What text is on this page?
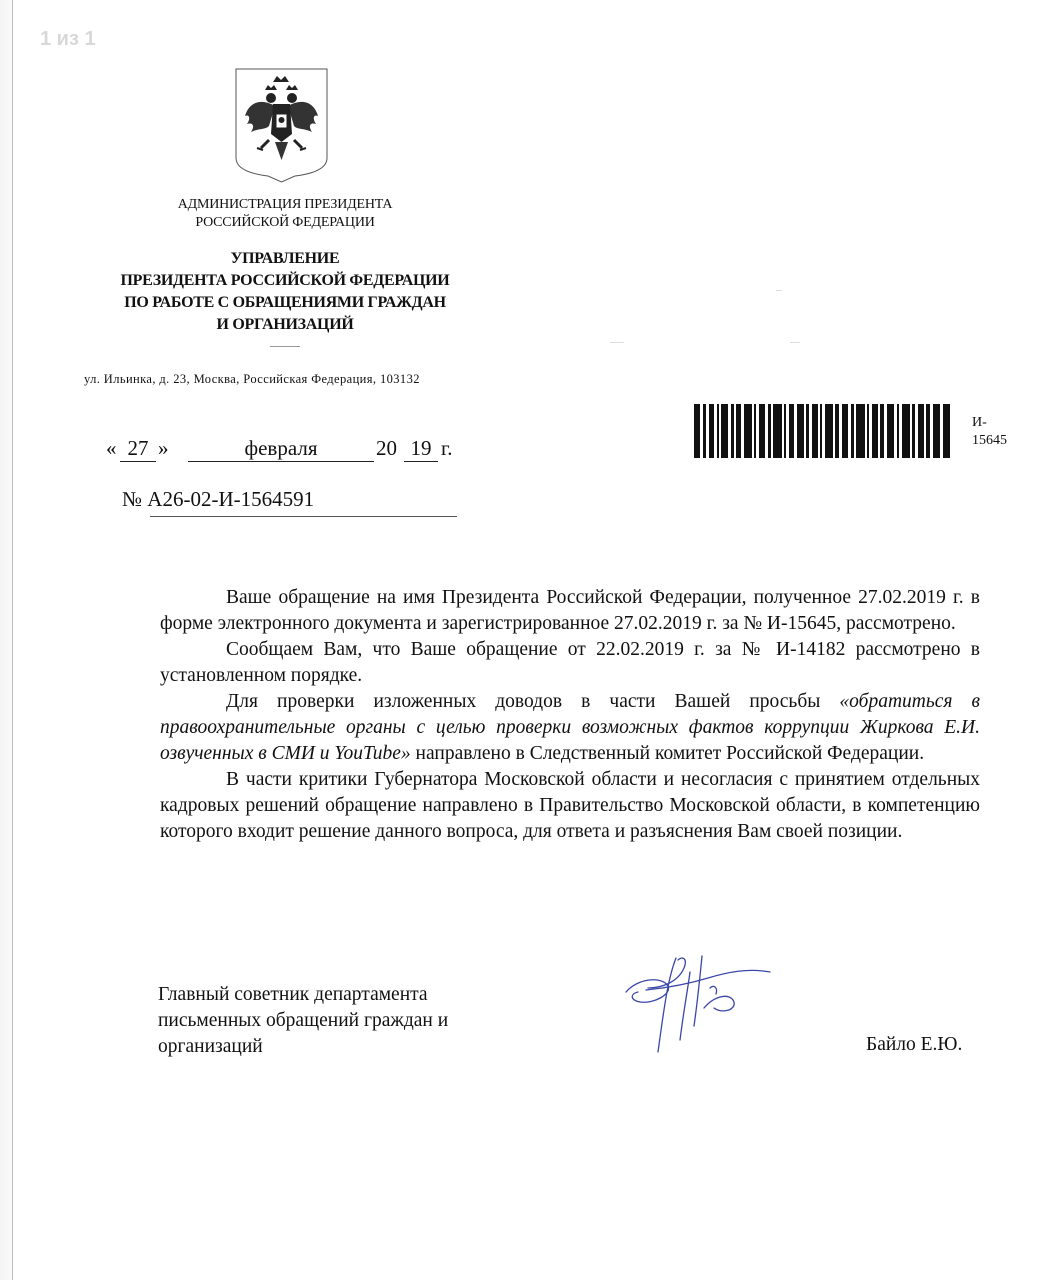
1 из 1
АДМИНИСТРАЦИЯ ПРЕЗИДЕНТА
РОССИЙСКОЙ ФЕДЕРАЦИИ
УПРАВЛЕНИЕ
ПРЕЗИДЕНТА РОССИЙСКОЙ ФЕДЕРАЦИИ
ПО РАБОТЕ С ОБРАЩЕНИЯМИ ГРАЖДАН
И ОРГАНИЗАЦИЙ
ул. Ильинка, д. 23, Москва, Российская Федерация, 103132
« 27 »	февраля	20 19 г.
№ А26-02-И-1564591
И-
15645

Ваше обращение на имя Президента Российской Федерации, полученное 27.02.2019 г. в форме электронного документа и зарегистрированное 27.02.2019 г. за № И-15645, рассмотрено.

Сообщаем Вам, что Ваше обращение от 22.02.2019 г. за № И-14182 рассмотрено в установленном порядке.

Для проверки изложенных доводов в части Вашей просьбы «обратиться в правоохранительные органы с целью проверки возможных фактов коррупции Жиркова Е.И. озвученных в СМИ и YouTube» направлено в Следственный комитет Российской Федерации.

В части критики Губернатора Московской области и несогласия с принятием отдельных кадровых решений обращение направлено в Правительство Московской области, в компетенцию которого входит решение данного вопроса, для ответа и разъяснения Вам своей позиции.

Главный советник департамента
письменных обращений граждан и
организаций	Байло Е.Ю.
